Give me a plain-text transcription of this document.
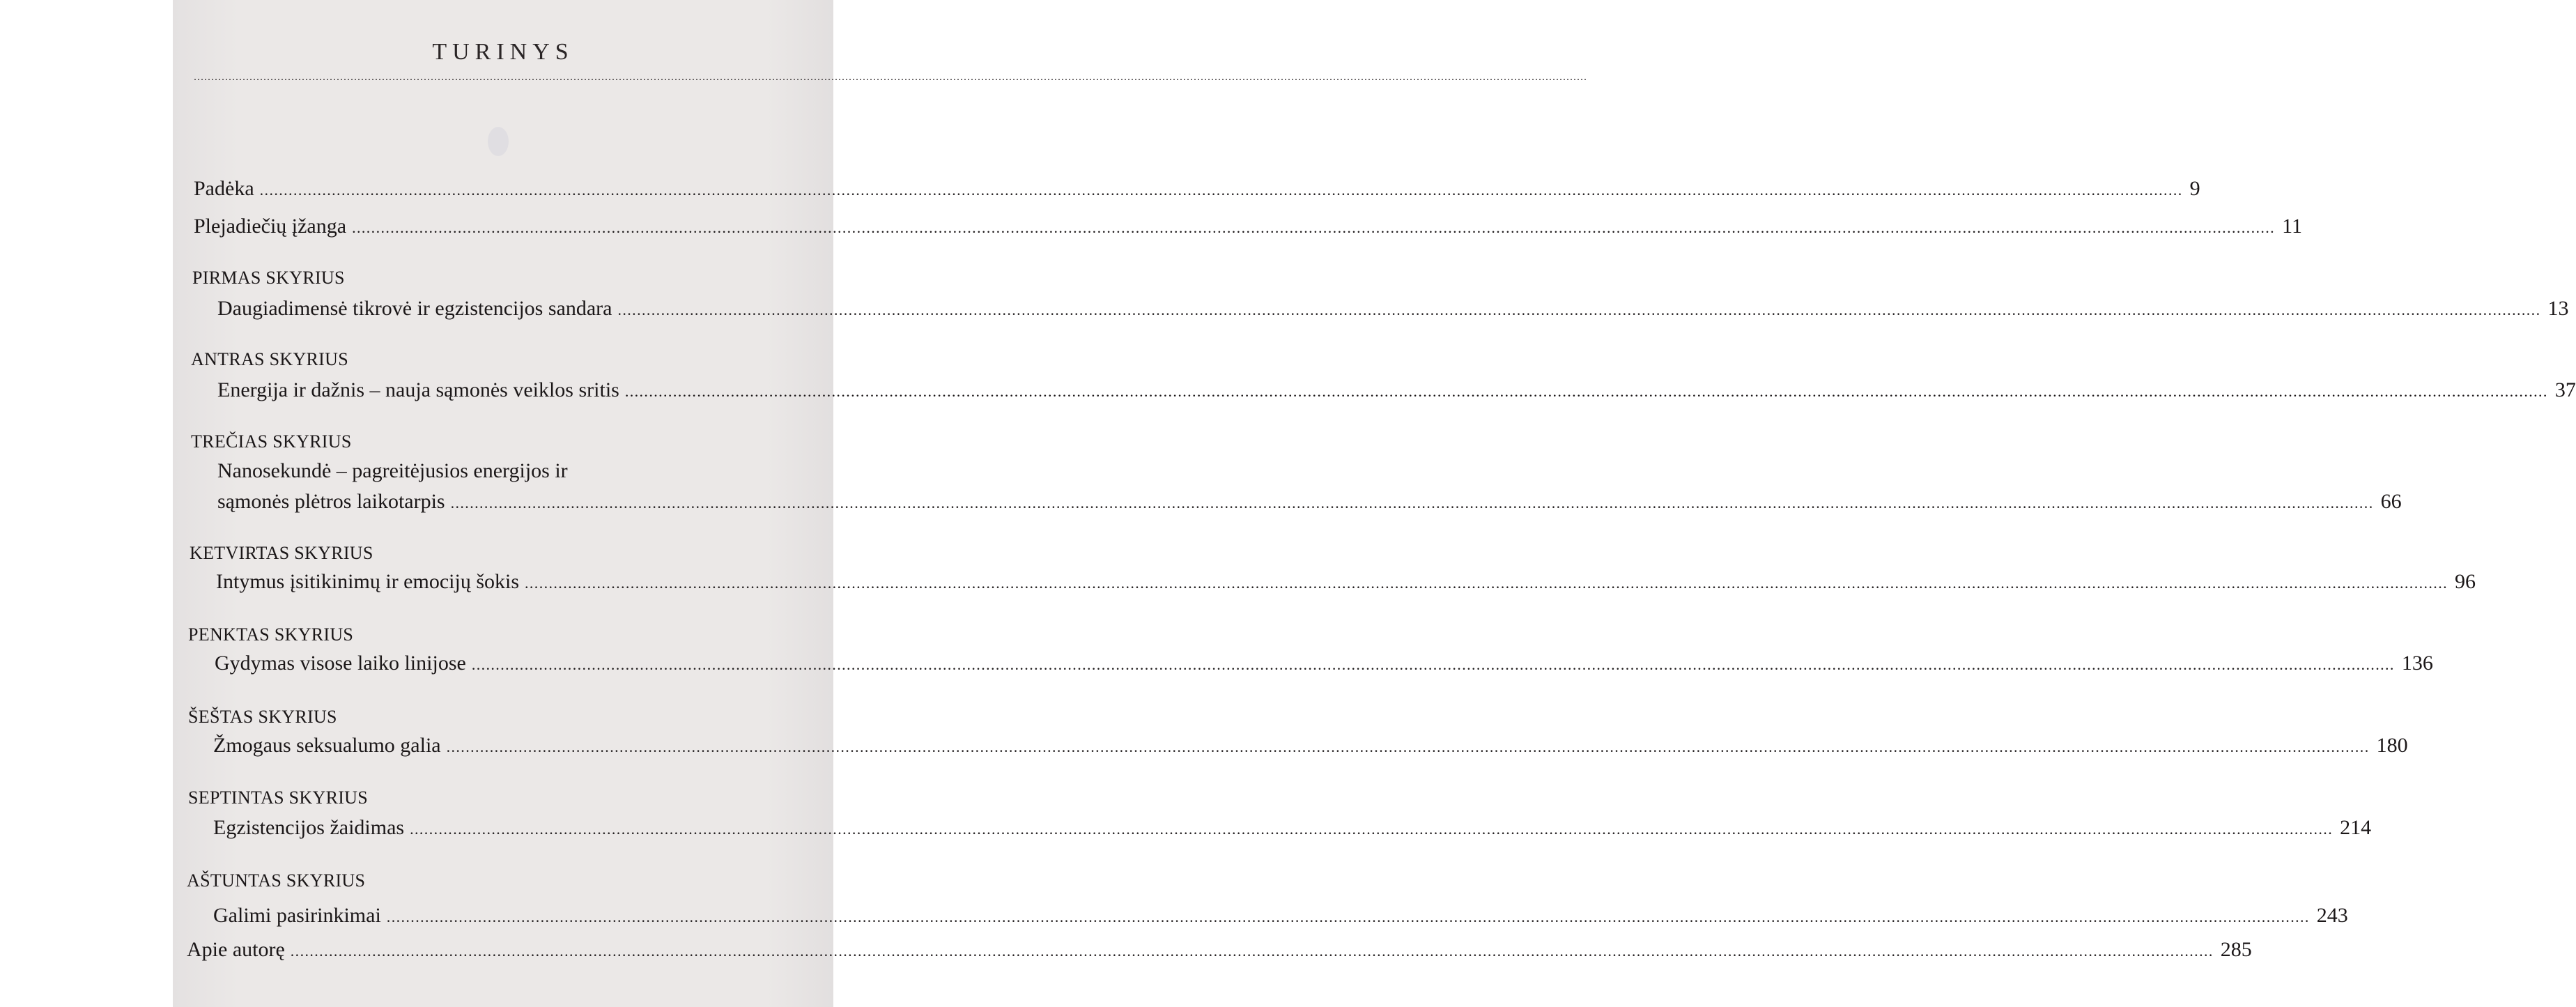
TURINYS
................................................................................................................................................................................................................................................................................................................................................................................................................
Padėka ................................................................................................................................................................................................................................................................................................................................................................................................................ 9
Plejadiečių įžanga ................................................................................................................................................................................................................................................................................................................................................................................................................ 11
PIRMAS SKYRIUS
Daugiadimensė tikrovė ir egzistencijos sandara ................................................................................................................................................................................................................................................................................................................................................................................................................ 13
ANTRAS SKYRIUS
Energija ir dažnis – nauja sąmonės veiklos sritis ................................................................................................................................................................................................................................................................................................................................................................................................................ 37
TREČIAS SKYRIUS
Nanosekundė – pagreitėjusios energijos ir
sąmonės plėtros laikotarpis ................................................................................................................................................................................................................................................................................................................................................................................................................ 66
KETVIRTAS SKYRIUS
Intymus įsitikinimų ir emocijų šokis ................................................................................................................................................................................................................................................................................................................................................................................................................ 96
PENKTAS SKYRIUS
Gydymas visose laiko linijose ................................................................................................................................................................................................................................................................................................................................................................................................................ 136
ŠEŠTAS SKYRIUS
Žmogaus seksualumo galia ................................................................................................................................................................................................................................................................................................................................................................................................................ 180
SEPTINTAS SKYRIUS
Egzistencijos žaidimas ................................................................................................................................................................................................................................................................................................................................................................................................................ 214
AŠTUNTAS SKYRIUS
Galimi pasirinkimai ................................................................................................................................................................................................................................................................................................................................................................................................................ 243
Apie autorę ................................................................................................................................................................................................................................................................................................................................................................................................................ 285
